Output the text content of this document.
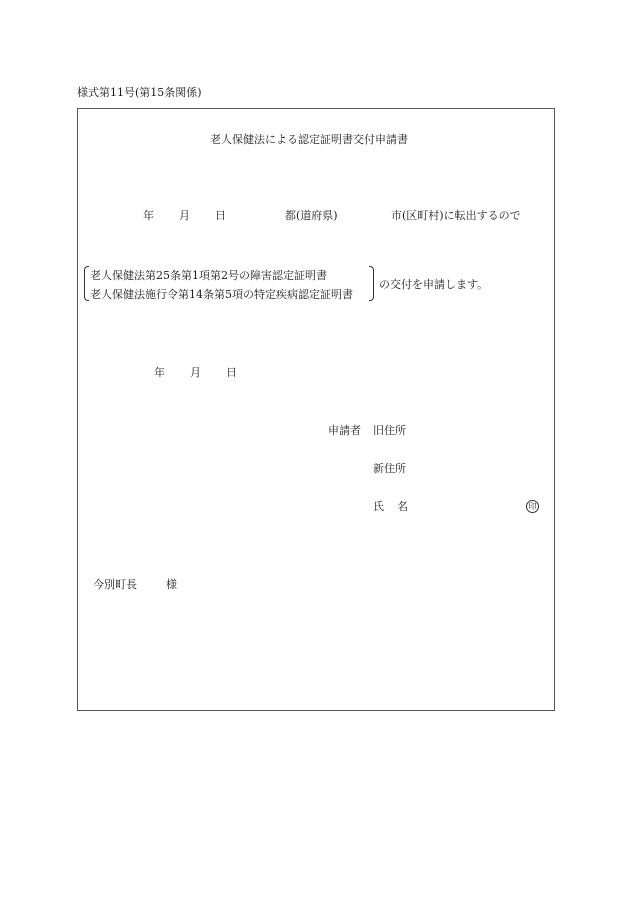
様式第11号(第15条関係)
老人保健法による認定証明書交付申請書
年 月 日	都(道府県)	市(区町村)に転出するので
老人保健法第25条第1項第2号の障害認定証明書
老人保健法施行令第14条第5項の特定疾病認定証明書
の交付を申請します。
年 月 日
申請者 旧住所
新住所
氏 名	印
今別町長	様
